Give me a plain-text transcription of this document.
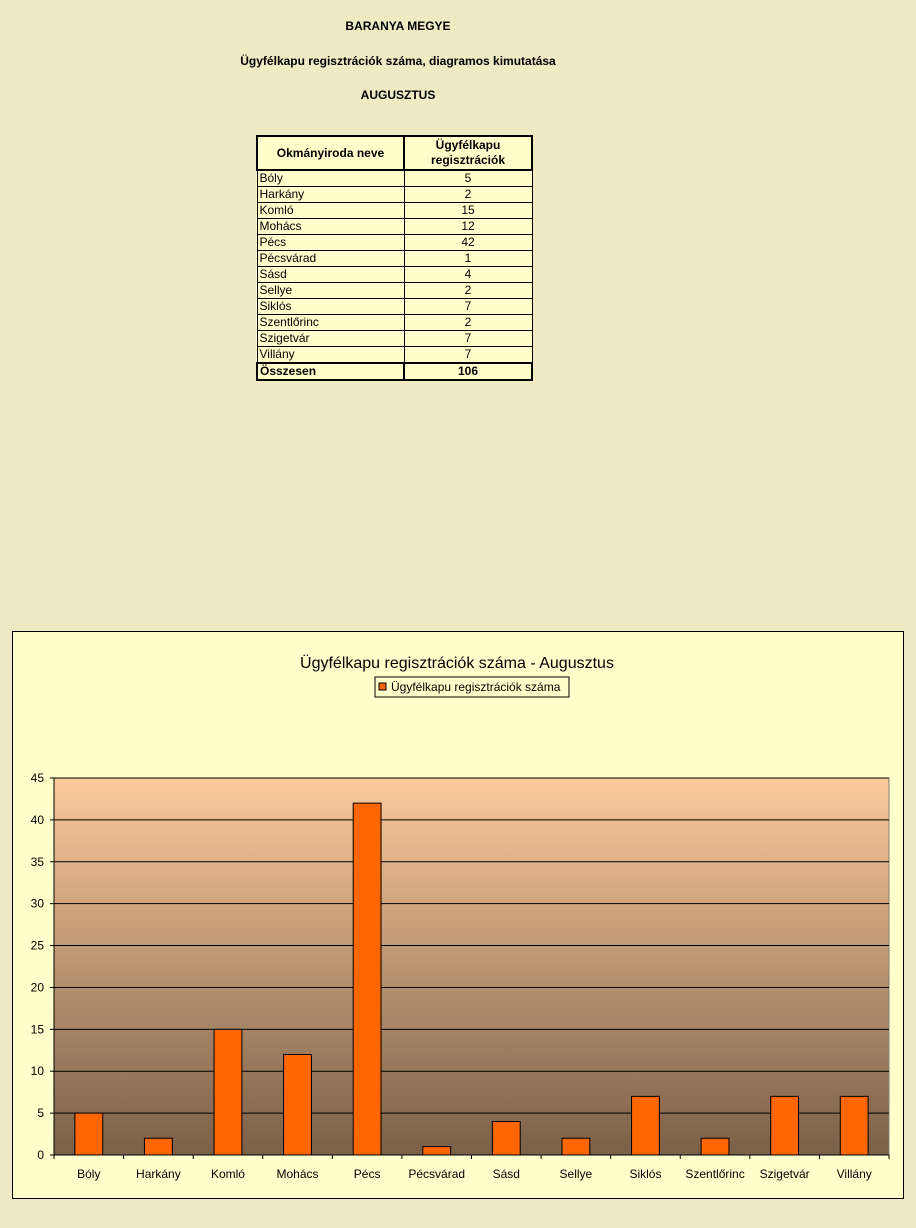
BARANYA MEGYE
Ügyfélkapu regisztrációk száma, diagramos kimutatása
AUGUSZTUS
Okmányiroda neve	Ügyfélkapu
regisztrációk
Bóly	5
Harkány	2
Komló	15
Mohács	12
Pécs	42
Pécsvárad	1
Sásd	4
Sellye	2
Siklós	7
Szentlőrinc	2
Szigetvár	7
Villány	7
Összesen	106
Ügyfélkapu regisztrációk száma - Augusztus
Ügyfélkapu regisztrációk száma
0
5
10
15
20
25
30
35
40
45
Bóly	Harkány	Komló	Mohács	Pécs Pécsvárad Sásd	Sellye	Siklós Szentlőrinc Szigetvár Villány
